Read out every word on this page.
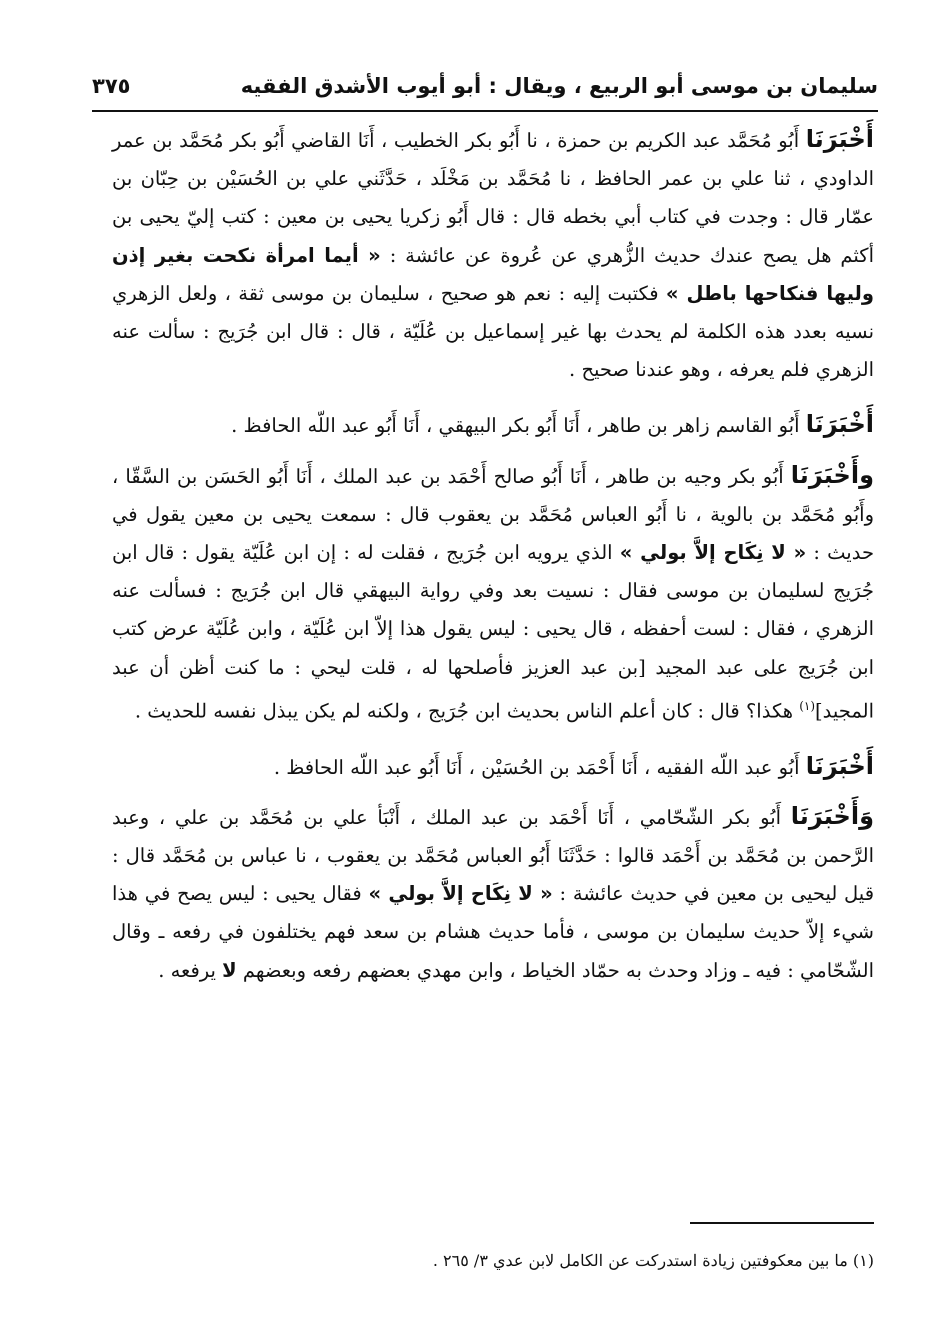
٣٧٥	سليمان بن موسى أبو الربيع ، ويقال : أبو أيوب الأشدق الفقيه

أَخْبَرَنَا أَبُو مُحَمَّد عبد الكريم بن حمزة ، نا أَبُو بكر الخطيب ، أَنَا القاضي أَبُو بكر مُحَمَّد بن عمر الداودي ، ثنا علي بن عمر الحافظ ، نا مُحَمَّد بن مَخْلَد ، حَدَّثَني علي بن الحُسَيْن بن حِبّان بن عمّار قال : وجدت في كتاب أبي بخطه قال : قال أَبُو زكريا يحيى بن معين : كتب إليّ يحيى بن أكثم هل يصح عندك حديث الزُّهري عن عُروة عن عائشة : « أيما امرأة نكحت بغير إذن وليها فنكاحها باطل » فكتبت إليه : نعم هو صحيح ، سليمان بن موسى ثقة ، ولعل الزهري نسيه بعدد هذه الكلمة لم يحدث بها غير إسماعيل بن عُلَيّة ، قال : قال ابن جُرَيج : سألت عنه الزهري فلم يعرفه ، وهو عندنا صحيح .

أَخْبَرَنَا أَبُو القاسم زاهر بن طاهر ، أَنَا أَبُو بكر البيهقي ، أَنَا أَبُو عبد اللّه الحافظ .

وأَخْبَرَنَا أَبُو بكر وجيه بن طاهر ، أَنَا أَبُو صالح أَحْمَد بن عبد الملك ، أَنَا أَبُو الحَسَن بن السَّقّا ، وأَبُو مُحَمَّد بن بالوية ، نا أَبُو العباس مُحَمَّد بن يعقوب قال : سمعت يحيى بن معين يقول في حديث : « لا نِكَاح إلاَّ بولي » الذي يرويه ابن جُرَيج ، فقلت له : إن ابن عُلَيّة يقول : قال ابن جُرَيج لسليمان بن موسى فقال : نسيت بعد وفي رواية البيهقي قال ابن جُرَيج : فسألت عنه الزهري ، فقال : لست أحفظه ، قال يحيى : ليس يقول هذا إلاّ ابن عُلَيّة ، وابن عُلَيّة عرض كتب ابن جُرَيج على عبد المجيد [بن عبد العزيز فأصلحها له ، قلت ليحي : ما كنت أظن أن عبد المجيد]$^{(١)}$ هكذا؟ قال : كان أعلم الناس بحديث ابن جُرَيج ، ولكنه لم يكن يبذل نفسه للحديث .

أَخْبَرَنَا أَبُو عبد اللّه الفقيه ، أَنَا أَحْمَد بن الحُسَيْن ، أَنَا أَبُو عبد اللّه الحافظ .

وَأَخْبَرَنَا أَبُو بكر الشّحّامي ، أَنَا أَحْمَد بن عبد الملك ، أَنْبَأ علي بن مُحَمَّد بن علي ، وعبد الرَّحمن بن مُحَمَّد بن أَحْمَد قالوا : حَدَّثَنَا أَبُو العباس مُحَمَّد بن يعقوب ، نا عباس بن مُحَمَّد قال : قيل ليحيى بن معين في حديث عائشة : « لا نِكَاح إلاَّ بولي » فقال يحيى : ليس يصح في هذا شيء إلاّ حديث سليمان بن موسى ، فأما حديث هشام بن سعد فهم يختلفون في رفعه ـ وقال الشّحّامي : فيه ـ وزاد وحدث به حمّاد الخياط ، وابن مهدي بعضهم رفعه وبعضهم لا يرفعه .

(١) ما بين معكوفتين زيادة استدركت عن الكامل لابن عدي ٣/ ٢٦٥ .
